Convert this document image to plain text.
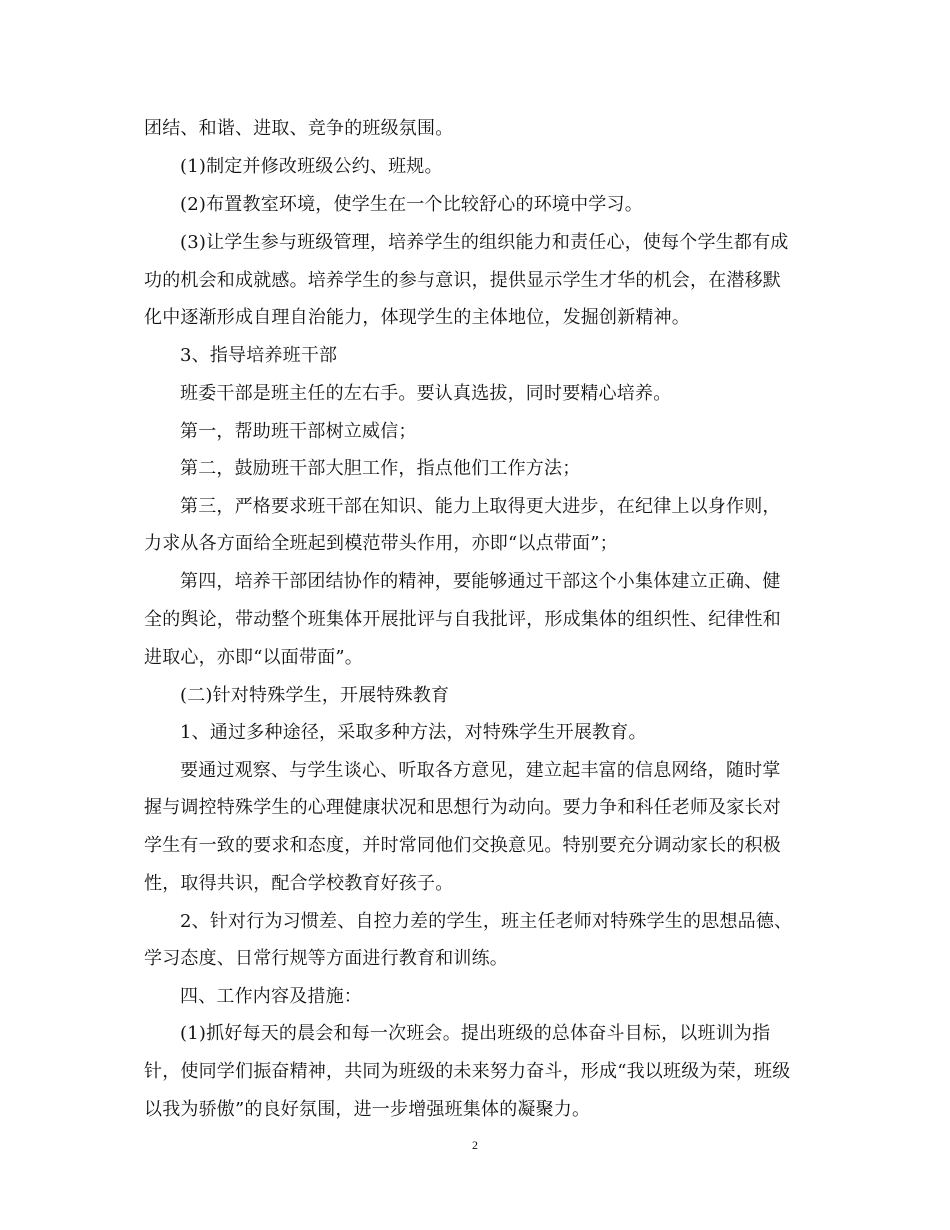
团结、和谐、进取、竞争的班级氛围。
(1)制定并修改班级公约、班规。
(2)布置教室环境，使学生在一个比较舒心的环境中学习。
(3)让学生参与班级管理，培养学生的组织能力和责任心，使每个学生都有成
功的机会和成就感。培养学生的参与意识，提供显示学生才华的机会，在潜移默
化中逐渐形成自理自治能力，体现学生的主体地位，发掘创新精神。
3、指导培养班干部
班委干部是班主任的左右手。要认真选拔，同时要精心培养。
第一，帮助班干部树立威信；
第二，鼓励班干部大胆工作，指点他们工作方法；
第三，严格要求班干部在知识、能力上取得更大进步，在纪律上以身作则，
力求从各方面给全班起到模范带头作用，亦即“以点带面”；
第四，培养干部团结协作的精神，要能够通过干部这个小集体建立正确、健
全的舆论，带动整个班集体开展批评与自我批评，形成集体的组织性、纪律性和
进取心，亦即“以面带面”。
(二)针对特殊学生，开展特殊教育
1、通过多种途径，采取多种方法，对特殊学生开展教育。
要通过观察、与学生谈心、听取各方意见，建立起丰富的信息网络，随时掌
握与调控特殊学生的心理健康状况和思想行为动向。要力争和科任老师及家长对
学生有一致的要求和态度，并时常同他们交换意见。特别要充分调动家长的积极
性，取得共识，配合学校教育好孩子。
2、针对行为习惯差、自控力差的学生，班主任老师对特殊学生的思想品德、
学习态度、日常行规等方面进行教育和训练。
四、工作内容及措施：
(1)抓好每天的晨会和每一次班会。提出班级的总体奋斗目标，以班训为指
针，使同学们振奋精神，共同为班级的未来努力奋斗，形成“我以班级为荣，班级
以我为骄傲”的良好氛围，进一步增强班集体的凝聚力。
2
